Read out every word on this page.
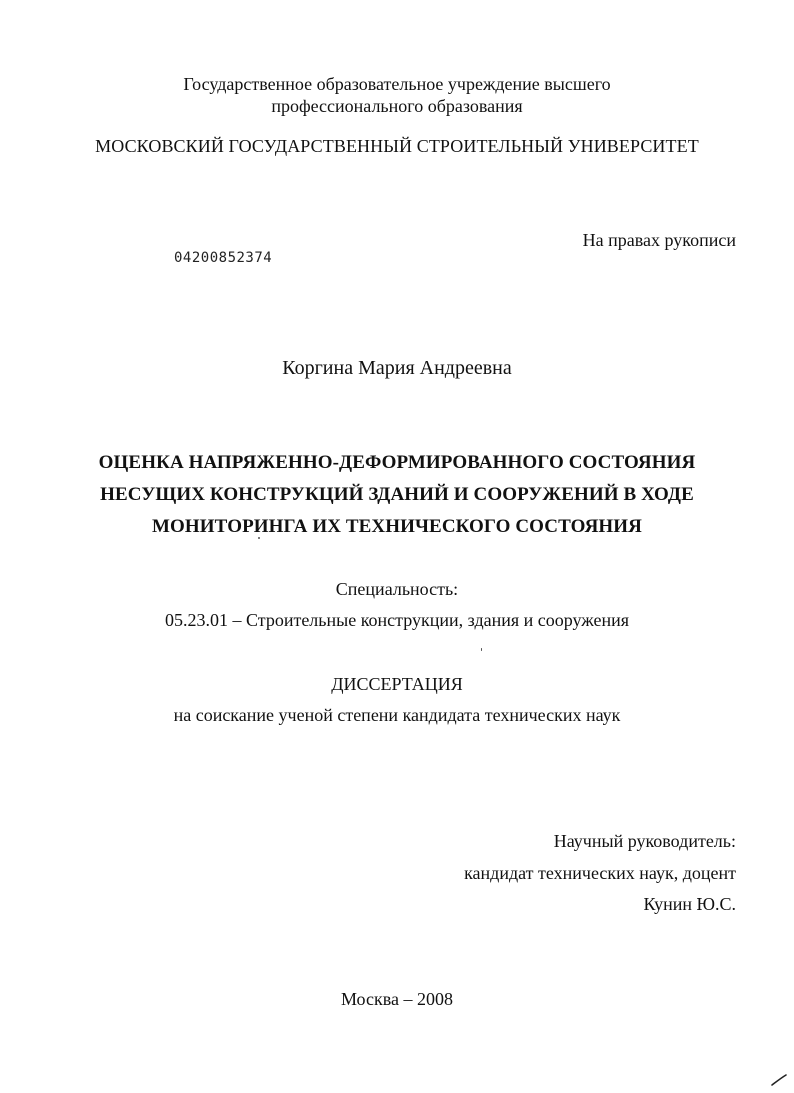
Государственное образовательное учреждение высшего
профессионального образования
МОСКОВСКИЙ ГОСУДАРСТВЕННЫЙ СТРОИТЕЛЬНЫЙ УНИВЕРСИТЕТ
На правах рукописи
04200852374
Коргина Мария Андреевна
ОЦЕНКА НАПРЯЖЕННО-ДЕФОРМИРОВАННОГО СОСТОЯНИЯ
НЕСУЩИХ КОНСТРУКЦИЙ ЗДАНИЙ И СООРУЖЕНИЙ В ХОДЕ
МОНИТОРИНГА ИХ ТЕХНИЧЕСКОГО СОСТОЯНИЯ
Специальность:
05.23.01 – Строительные конструкции, здания и сооружения
ДИССЕРТАЦИЯ
на соискание ученой степени кандидата технических наук
Научный руководитель:
кандидат технических наук, доцент
Кунин Ю.С.
Москва – 2008
